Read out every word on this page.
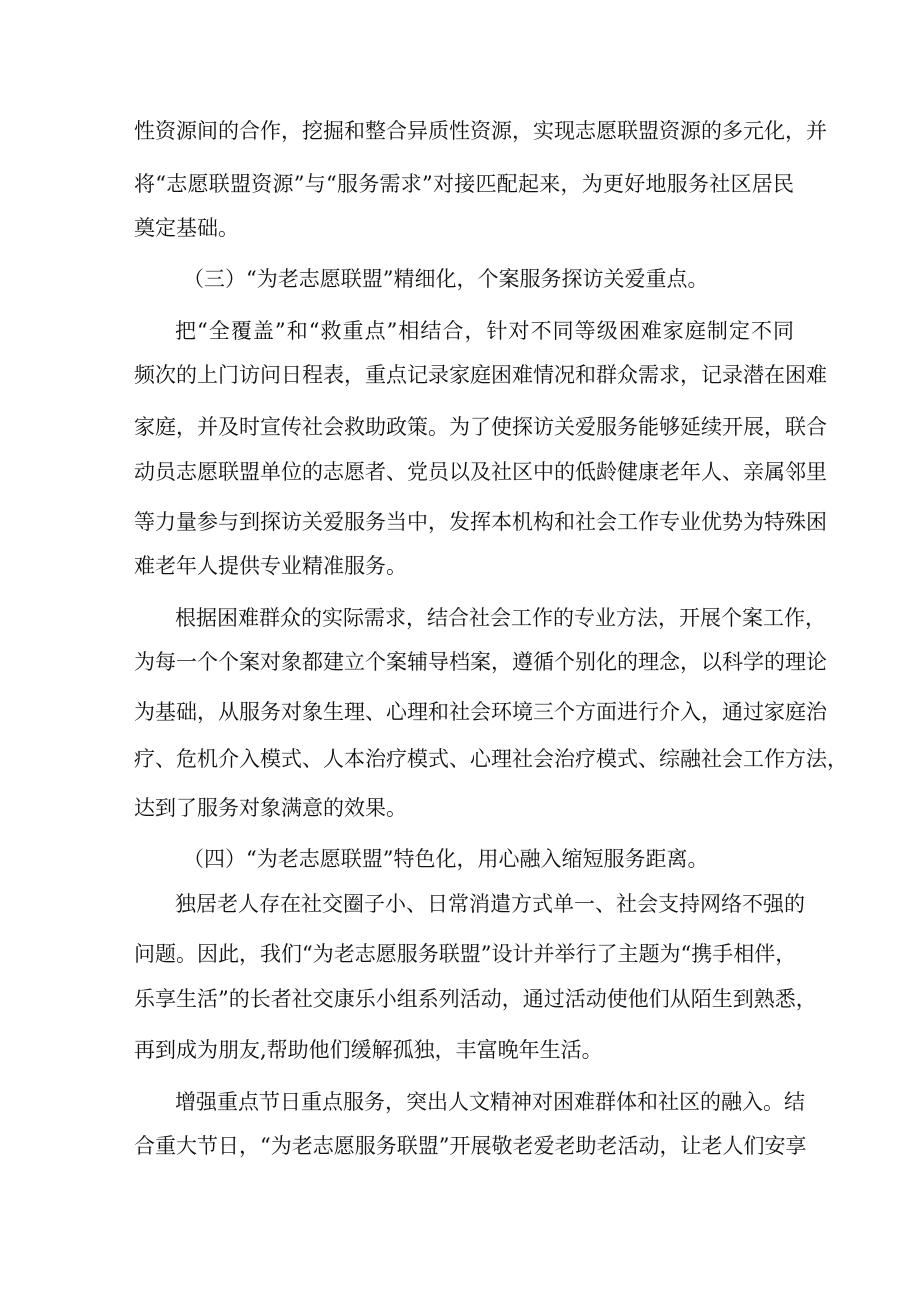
性资源间的合作，挖掘和整合异质性资源，实现志愿联盟资源的多元化，并
将“志愿联盟资源”与“服务需求”对接匹配起来，为更好地服务社区居民
奠定基础。
（三）“为老志愿联盟”精细化，个案服务探访关爱重点。
把“全覆盖”和“救重点”相结合，针对不同等级困难家庭制定不同
频次的上门访问日程表，重点记录家庭困难情况和群众需求，记录潜在困难
家庭，并及时宣传社会救助政策。为了使探访关爱服务能够延续开展，联合
动员志愿联盟单位的志愿者、党员以及社区中的低龄健康老年人、亲属邻里
等力量参与到探访关爱服务当中，发挥本机构和社会工作专业优势为特殊困
难老年人提供专业精准服务。
根据困难群众的实际需求，结合社会工作的专业方法，开展个案工作，
为每一个个案对象都建立个案辅导档案，遵循个别化的理念，以科学的理论
为基础，从服务对象生理、心理和社会环境三个方面进行介入，通过家庭治
疗、危机介入模式、人本治疗模式、心理社会治疗模式、综融社会工作方法，
达到了服务对象满意的效果。
（四）“为老志愿联盟”特色化，用心融入缩短服务距离。
独居老人存在社交圈子小、日常消遣方式单一、社会支持网络不强的
问题。因此，我们“为老志愿服务联盟”设计并举行了主题为“携手相伴，
乐享生活”的长者社交康乐小组系列活动，通过活动使他们从陌生到熟悉，
再到成为朋友,帮助他们缓解孤独，丰富晚年生活。
增强重点节日重点服务，突出人文精神对困难群体和社区的融入。结
合重大节日，“为老志愿服务联盟”开展敬老爱老助老活动，让老人们安享
